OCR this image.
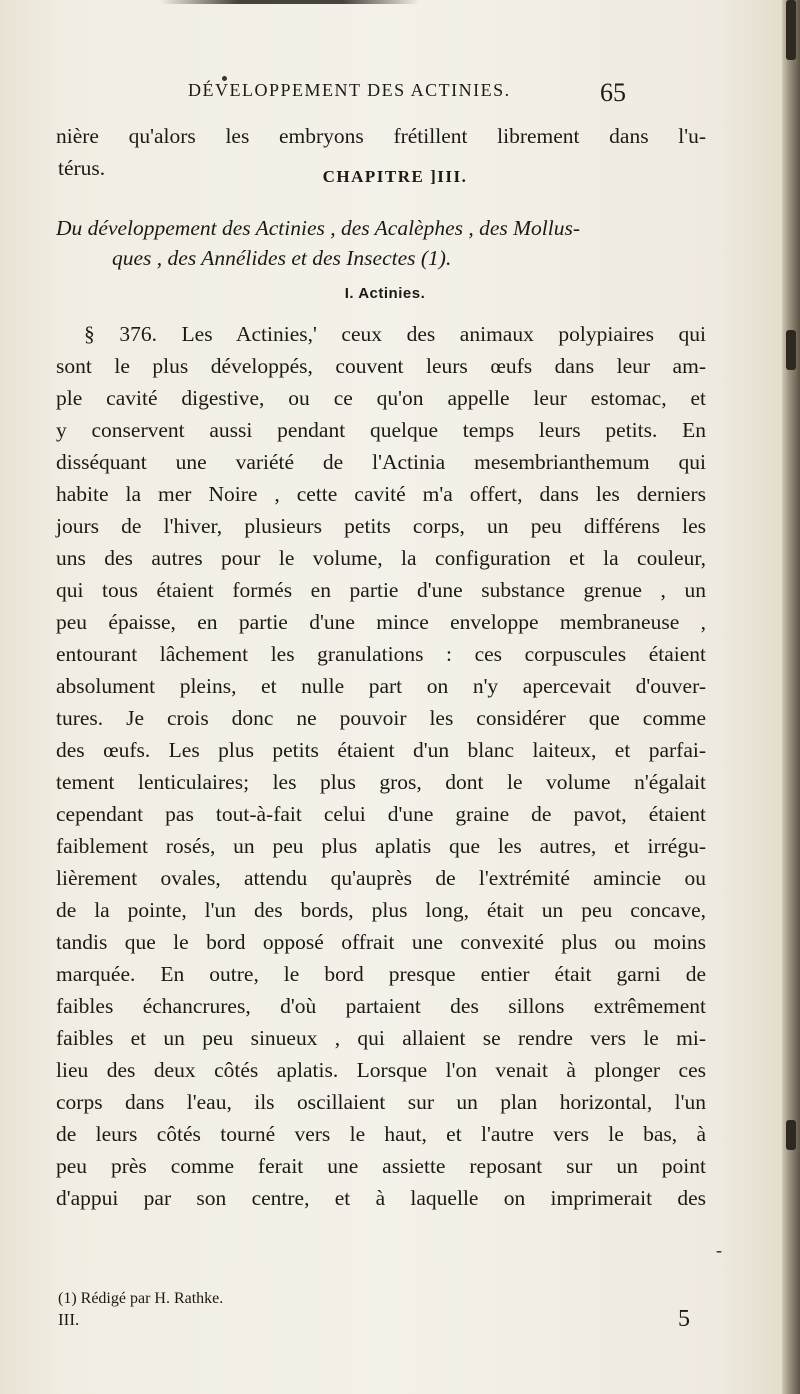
DÉVELOPPEMENT DES ACTINIES.	65
nière qu'alors les embryons frétillent librement dans l'u-
térus.	CHAPITRE ]III.
Du développement des Actinies , des Acalèphes , des Mollus-
ques , des Annélides et des Insectes (1).
I. Actinies.
§ 376. Les Actinies,' ceux des animaux polypiaires qui
sont le plus développés, couvent leurs œufs dans leur am-
ple cavité digestive, ou ce qu'on appelle leur estomac, et
y conservent aussi pendant quelque temps leurs petits. En
disséquant une variété de l'Actinia mesembrianthemum qui
habite la mer Noire , cette cavité m'a offert, dans les derniers
jours de l'hiver, plusieurs petits corps, un peu différens les
uns des autres pour le volume, la configuration et la couleur,
qui tous étaient formés en partie d'une substance grenue , un
peu épaisse, en partie d'une mince enveloppe membraneuse ,
entourant lâchement les granulations : ces corpuscules étaient
absolument pleins, et nulle part on n'y apercevait d'ouver-
tures. Je crois donc ne pouvoir les considérer que comme
des œufs. Les plus petits étaient d'un blanc laiteux, et parfai-
tement lenticulaires; les plus gros, dont le volume n'égalait
cependant pas tout-à-fait celui d'une graine de pavot, étaient
faiblement rosés, un peu plus aplatis que les autres, et irrégu-
lièrement ovales, attendu qu'auprès de l'extrémité amincie ou
de la pointe, l'un des bords, plus long, était un peu concave,
tandis que le bord opposé offrait une convexité plus ou moins
marquée. En outre, le bord presque entier était garni de
faibles échancrures, d'où partaient des sillons extrêmement
faibles et un peu sinueux , qui allaient se rendre vers le mi-
lieu des deux côtés aplatis. Lorsque l'on venait à plonger ces
corps dans l'eau, ils oscillaient sur un plan horizontal, l'un
de leurs côtés tourné vers le haut, et l'autre vers le bas, à
peu près comme ferait une assiette reposant sur un point
d'appui par son centre, et à laquelle on imprimerait des
-
(1) Rédigé par H. Rathke.
III.	5
